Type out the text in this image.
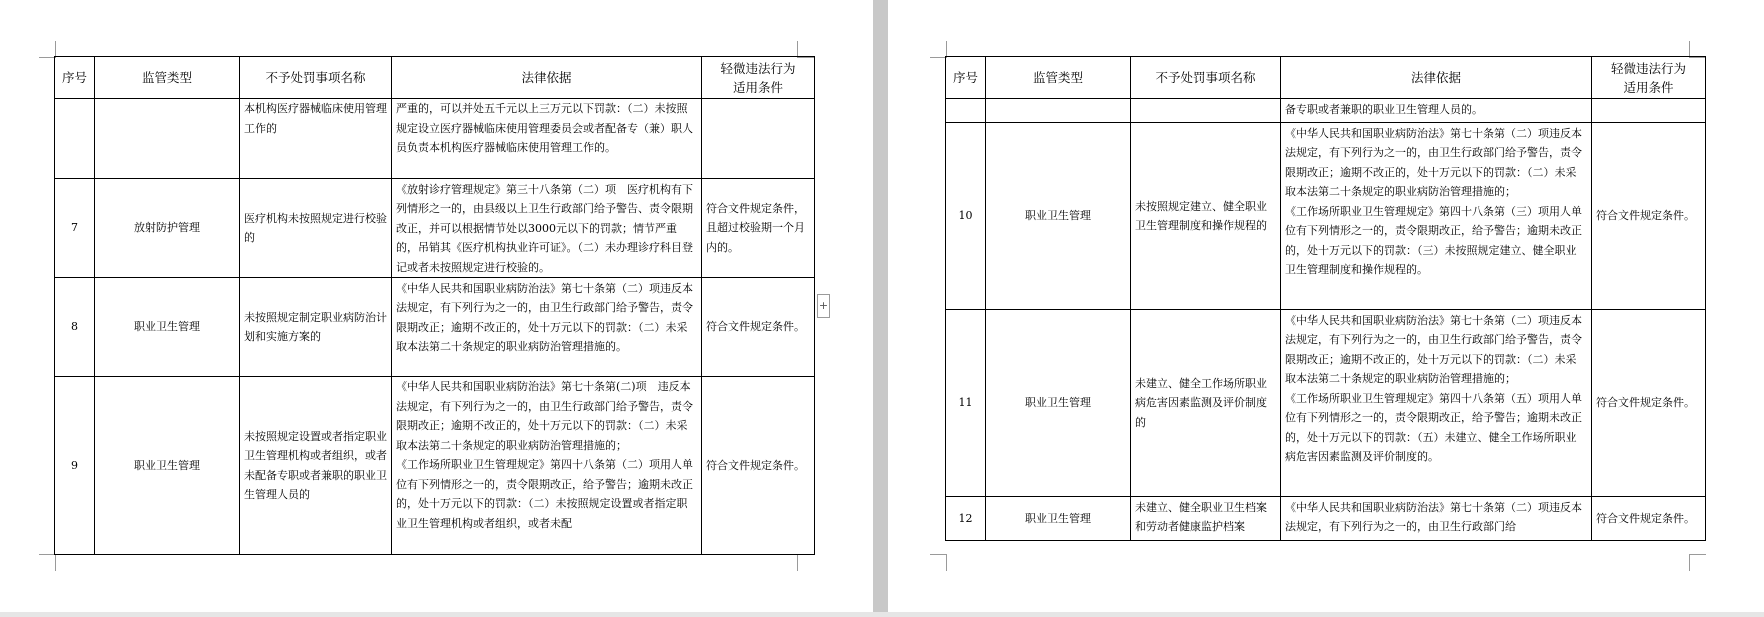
序号	监管类型	不予处罚事项名称	法律依据	轻微违法行为
适用条件
		本机构医疗器械临床使用管理工作的	严重的，可以并处五千元以上三万元以下罚款：（二）未按照规定设立医疗器械临床使用管理委员会或者配备专（兼）职人员负责本机构医疗器械临床使用管理工作的。	

7	放射防护管理	医疗机构未按照规定进行校验的	《放射诊疗管理规定》第三十八条第（二）项　医疗机构有下列情形之一的，由县级以上卫生行政部门给予警告、责令限期改正，并可以根据情节处以3000元以下的罚款；情节严重的，吊销其《医疗机构执业许可证》。（二）未办理诊疗科目登记或者未按照规定进行校验的。	符合文件规定条件，且超过校验期一个月内的。
8	职业卫生管理	未按照规定制定职业病防治计划和实施方案的	《中华人民共和国职业病防治法》第七十条第（二）项违反本法规定，有下列行为之一的，由卫生行政部门给予警告，责令限期改正；逾期不改正的，处十万元以下的罚款：（二）未采取本法第二十条规定的职业病防治管理措施的。	符合文件规定条件。
9	职业卫生管理	未按照规定设置或者指定职业卫生管理机构或者组织，或者未配备专职或者兼职的职业卫生管理人员的	《中华人民共和国职业病防治法》第七十条第(二)项　违反本法规定，有下列行为之一的，由卫生行政部门给予警告，责令限期改正；逾期不改正的，处十万元以下的罚款：（二）未采取本法第二十条规定的职业病防治管理措施的；
《工作场所职业卫生管理规定》第四十八条第（二）项用人单位有下列情形之一的，责令限期改正，给予警告；逾期未改正的，处十万元以下的罚款：（二）未按照规定设置或者指定职业卫生管理机构或者组织，或者未配	符合文件规定条件。
+
序号	监管类型	不予处罚事项名称	法律依据	轻微违法行为
适用条件

			备专职或者兼职的职业卫生管理人员的。	

10	职业卫生管理	未按照规定建立、健全职业卫生管理制度和操作规程的	《中华人民共和国职业病防治法》第七十条第（二）项违反本法规定，有下列行为之一的，由卫生行政部门给予警告，责令限期改正；逾期不改正的，处十万元以下的罚款：（二）未采取本法第二十条规定的职业病防治管理措施的；
《工作场所职业卫生管理规定》第四十八条第（三）项用人单位有下列情形之一的，责令限期改正，给予警告；逾期未改正的，处十万元以下的罚款：（三）未按照规定建立、健全职业卫生管理制度和操作规程的。	符合文件规定条件。
11	职业卫生管理	未建立、健全工作场所职业病危害因素监测及评价制度的	《中华人民共和国职业病防治法》第七十条第（二）项违反本法规定，有下列行为之一的，由卫生行政部门给予警告，责令限期改正；逾期不改正的，处十万元以下的罚款：（二）未采取本法第二十条规定的职业病防治管理措施的；
《工作场所职业卫生管理规定》第四十八条第（五）项用人单位有下列情形之一的，责令限期改正，给予警告；逾期未改正的，处十万元以下的罚款：（五）未建立、健全工作场所职业病危害因素监测及评价制度的。	符合文件规定条件。
12	职业卫生管理	未建立、健全职业卫生档案和劳动者健康监护档案	《中华人民共和国职业病防治法》第七十条第（二）项违反本法规定，有下列行为之一的，由卫生行政部门给	符合文件规定条件。
